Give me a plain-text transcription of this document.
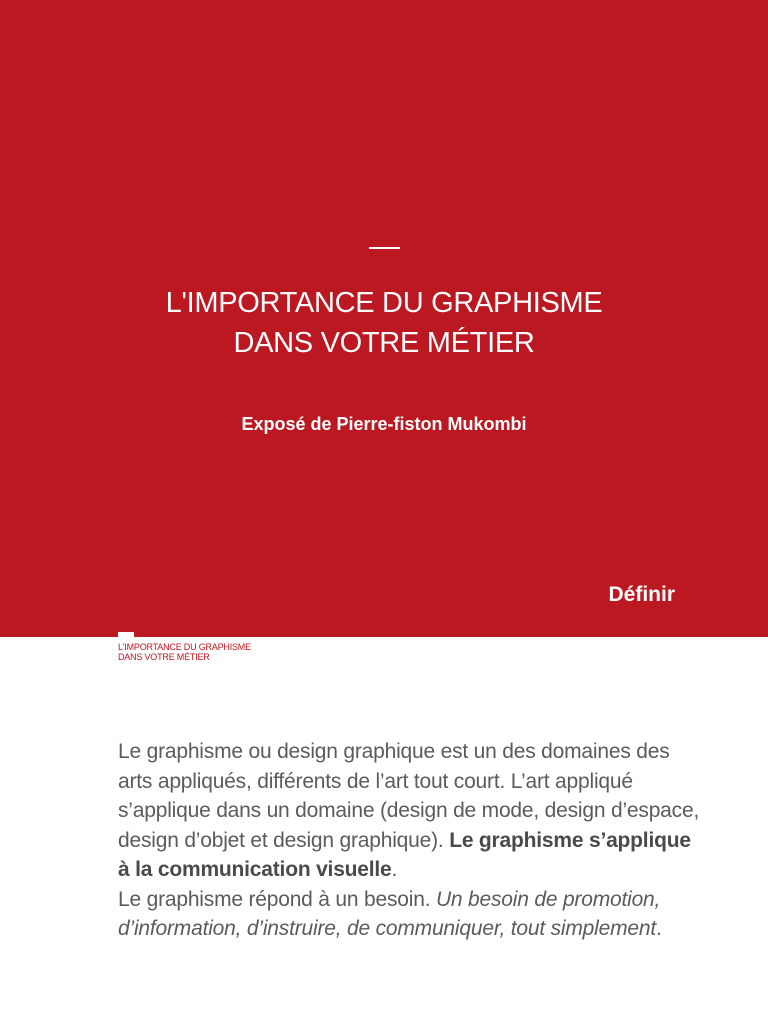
L'IMPORTANCE DU GRAPHISME
DANS VOTRE MÉTIER
Exposé de Pierre-fiston Mukombi
Définir
L'IMPORTANCE DU GRAPHISME
DANS VOTRE MÉTIER

Le graphisme ou design graphique est un des domaines des arts appliqués, différents de l’art tout court. L’art appliqué s’applique dans un domaine (design de mode, design d’espace, design d’objet et design graphique). Le graphisme s’applique à la communication visuelle.

Le graphisme répond à un besoin. Un besoin de promotion, d’information, d’instruire, de communiquer, tout simplement.
